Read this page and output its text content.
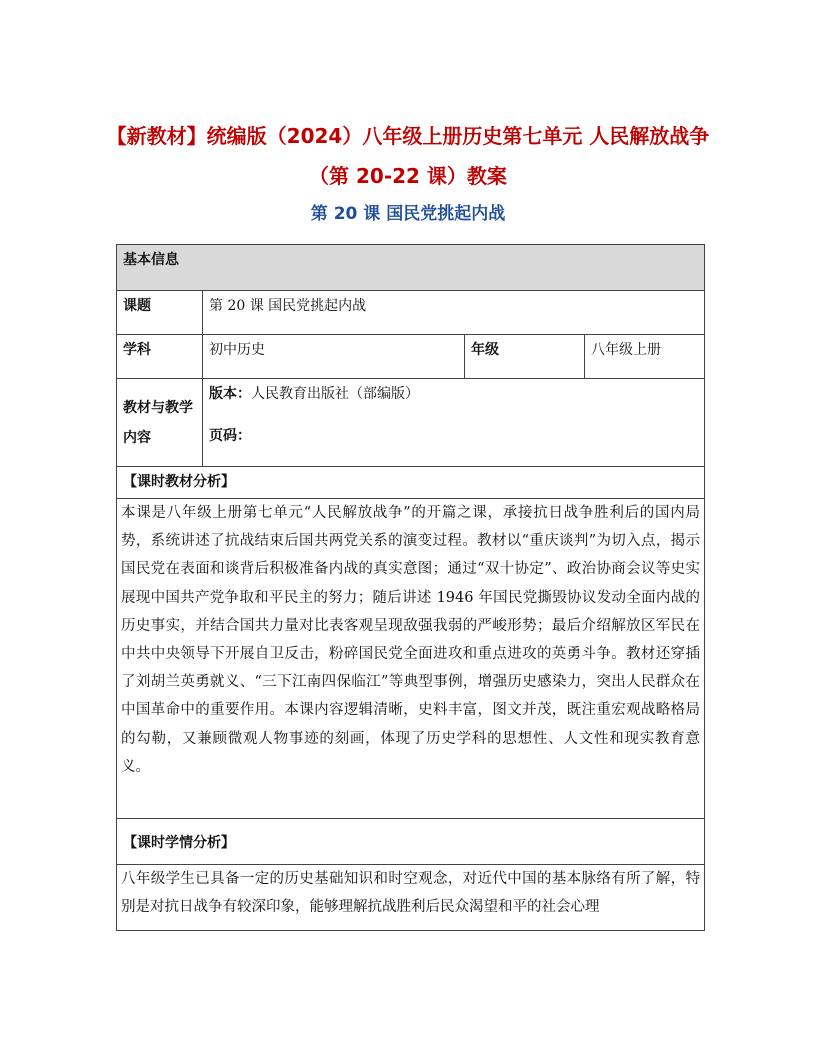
【新教材】统编版（2024）八年级上册历史第七单元 人民解放战争（第 20-22 课）教案
第 20 课 国民党挑起内战
基本信息			
课题	第 20 课 国民党挑起内战		
学科	初中历史	年级	八年级上册
教材与教学内容	版本：人民教育出版社（部编版）
页码：		

【课时教材分析】			
本课是八年级上册第七单元“人民解放战争”的开篇之课，承接抗日战争胜利后的国内局势，系统讲述了抗战结束后国共两党关系的演变过程。教材以“重庆谈判”为切入点，揭示国民党在表面和谈背后积极准备内战的真实意图；通过“双十协定”、政治协商会议等史实展现中国共产党争取和平民主的努力；随后讲述 1946 年国民党撕毁协议发动全面内战的历史事实，并结合国共力量对比表客观呈现敌强我弱的严峻形势；最后介绍解放区军民在中共中央领导下开展自卫反击，粉碎国民党全面进攻和重点进攻的英勇斗争。教材还穿插了刘胡兰英勇就义、“三下江南四保临江”等典型事例，增强历史感染力，突出人民群众在中国革命中的重要作用。本课内容逻辑清晰，史料丰富，图文并茂，既注重宏观战略格局的勾勒，又兼顾微观人物事迹的刻画，体现了历史学科的思想性、人文性和现实教育意义。			
【课时学情分析】			
八年级学生已具备一定的历史基础知识和时空观念，对近代中国的基本脉络有所了解，特别是对抗日战争有较深印象，能够理解抗战胜利后民众渴望和平的社会心理			
